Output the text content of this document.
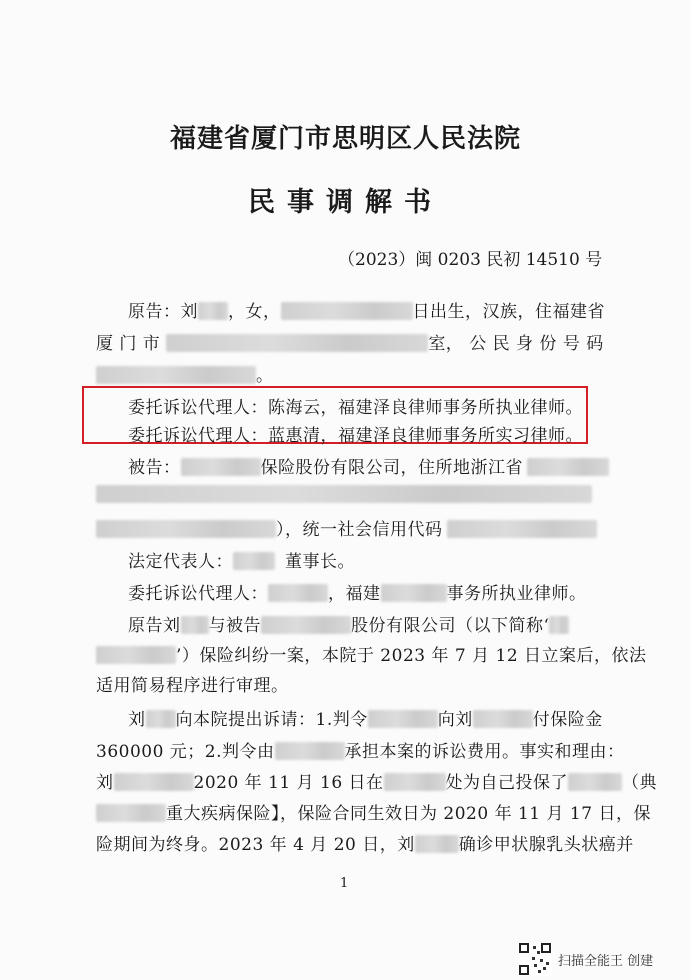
福建省厦门市思明区人民法院
民事调解书
（2023）闽 0203 民初 14510 号
原告：刘 ，女，	日出生，汉族，住福建省
厦 门 市	室， 公 民 身 份 号 码
。
委托诉讼代理人：陈海云，福建泽良律师事务所执业律师。
委托诉讼代理人：蓝惠清，福建泽良律师事务所实习律师。
被告：	保险股份有限公司，住所地浙江省
），统一社会信用代码
法定代表人：	董事长。
委托诉讼代理人：	，福建	事务所执业律师。
原告刘 与被告	股份有限公司（以下简称‘
’）保险纠纷一案，本院于 2023 年 7 月 12 日立案后，依法
适用简易程序进行审理。
刘 向本院提出诉请：1.判令	向刘	付保险金
360000 元；2.判令由	承担本案的诉讼费用。事实和理由：
刘	2020 年 11 月 16 日在	处为自己投保了	（典
重大疾病保险】，保险合同生效日为 2020 年 11 月 17 日，保
险期间为终身。2023 年 4 月 20 日，刘	确诊甲状腺乳头状癌并
1
扫描全能王 创建
